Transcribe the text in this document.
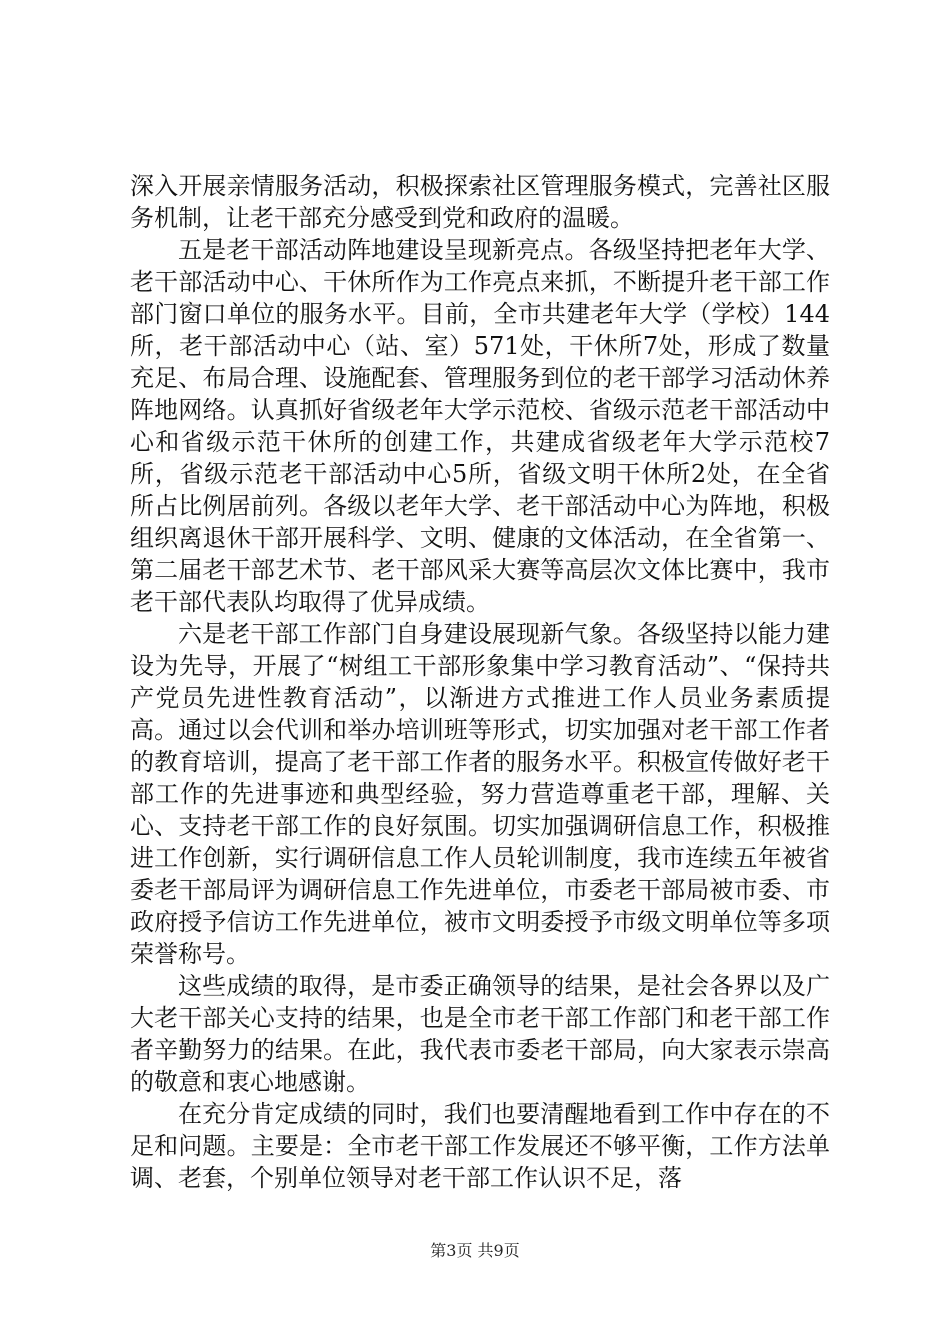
深入开展亲情服务活动，积极探索社区管理服务模式，完善社区服务机制，让老干部充分感受到党和政府的温暖。

五是老干部活动阵地建设呈现新亮点。各级坚持把老年大学、老干部活动中心、干休所作为工作亮点来抓，不断提升老干部工作部门窗口单位的服务水平。目前，全市共建老年大学（学校）144所，老干部活动中心（站、室）571处，干休所7处，形成了数量充足、布局合理、设施配套、管理服务到位的老干部学习活动休养阵地网络。认真抓好省级老年大学示范校、省级示范老干部活动中心和省级示范干休所的创建工作，共建成省级老年大学示范校7所，省级示范老干部活动中心5所，省级文明干休所2处，在全省所占比例居前列。各级以老年大学、老干部活动中心为阵地，积极组织离退休干部开展科学、文明、健康的文体活动，在全省第一、第二届老干部艺术节、老干部风采大赛等高层次文体比赛中，我市老干部代表队均取得了优异成绩。

六是老干部工作部门自身建设展现新气象。各级坚持以能力建设为先导，开展了“树组工干部形象集中学习教育活动”、“保持共产党员先进性教育活动”，以渐进方式推进工作人员业务素质提高。通过以会代训和举办培训班等形式，切实加强对老干部工作者的教育培训，提高了老干部工作者的服务水平。积极宣传做好老干部工作的先进事迹和典型经验，努力营造尊重老干部，理解、关心、支持老干部工作的良好氛围。切实加强调研信息工作，积极推进工作创新，实行调研信息工作人员轮训制度，我市连续五年被省委老干部局评为调研信息工作先进单位，市委老干部局被市委、市政府授予信访工作先进单位，被市文明委授予市级文明单位等多项荣誉称号。

这些成绩的取得，是市委正确领导的结果，是社会各界以及广大老干部关心支持的结果，也是全市老干部工作部门和老干部工作者辛勤努力的结果。在此，我代表市委老干部局，向大家表示崇高的敬意和衷心地感谢。

在充分肯定成绩的同时，我们也要清醒地看到工作中存在的不足和问题。主要是：全市老干部工作发展还不够平衡，工作方法单调、老套，个别单位领导对老干部工作认识不足，落

第3页 共9页
